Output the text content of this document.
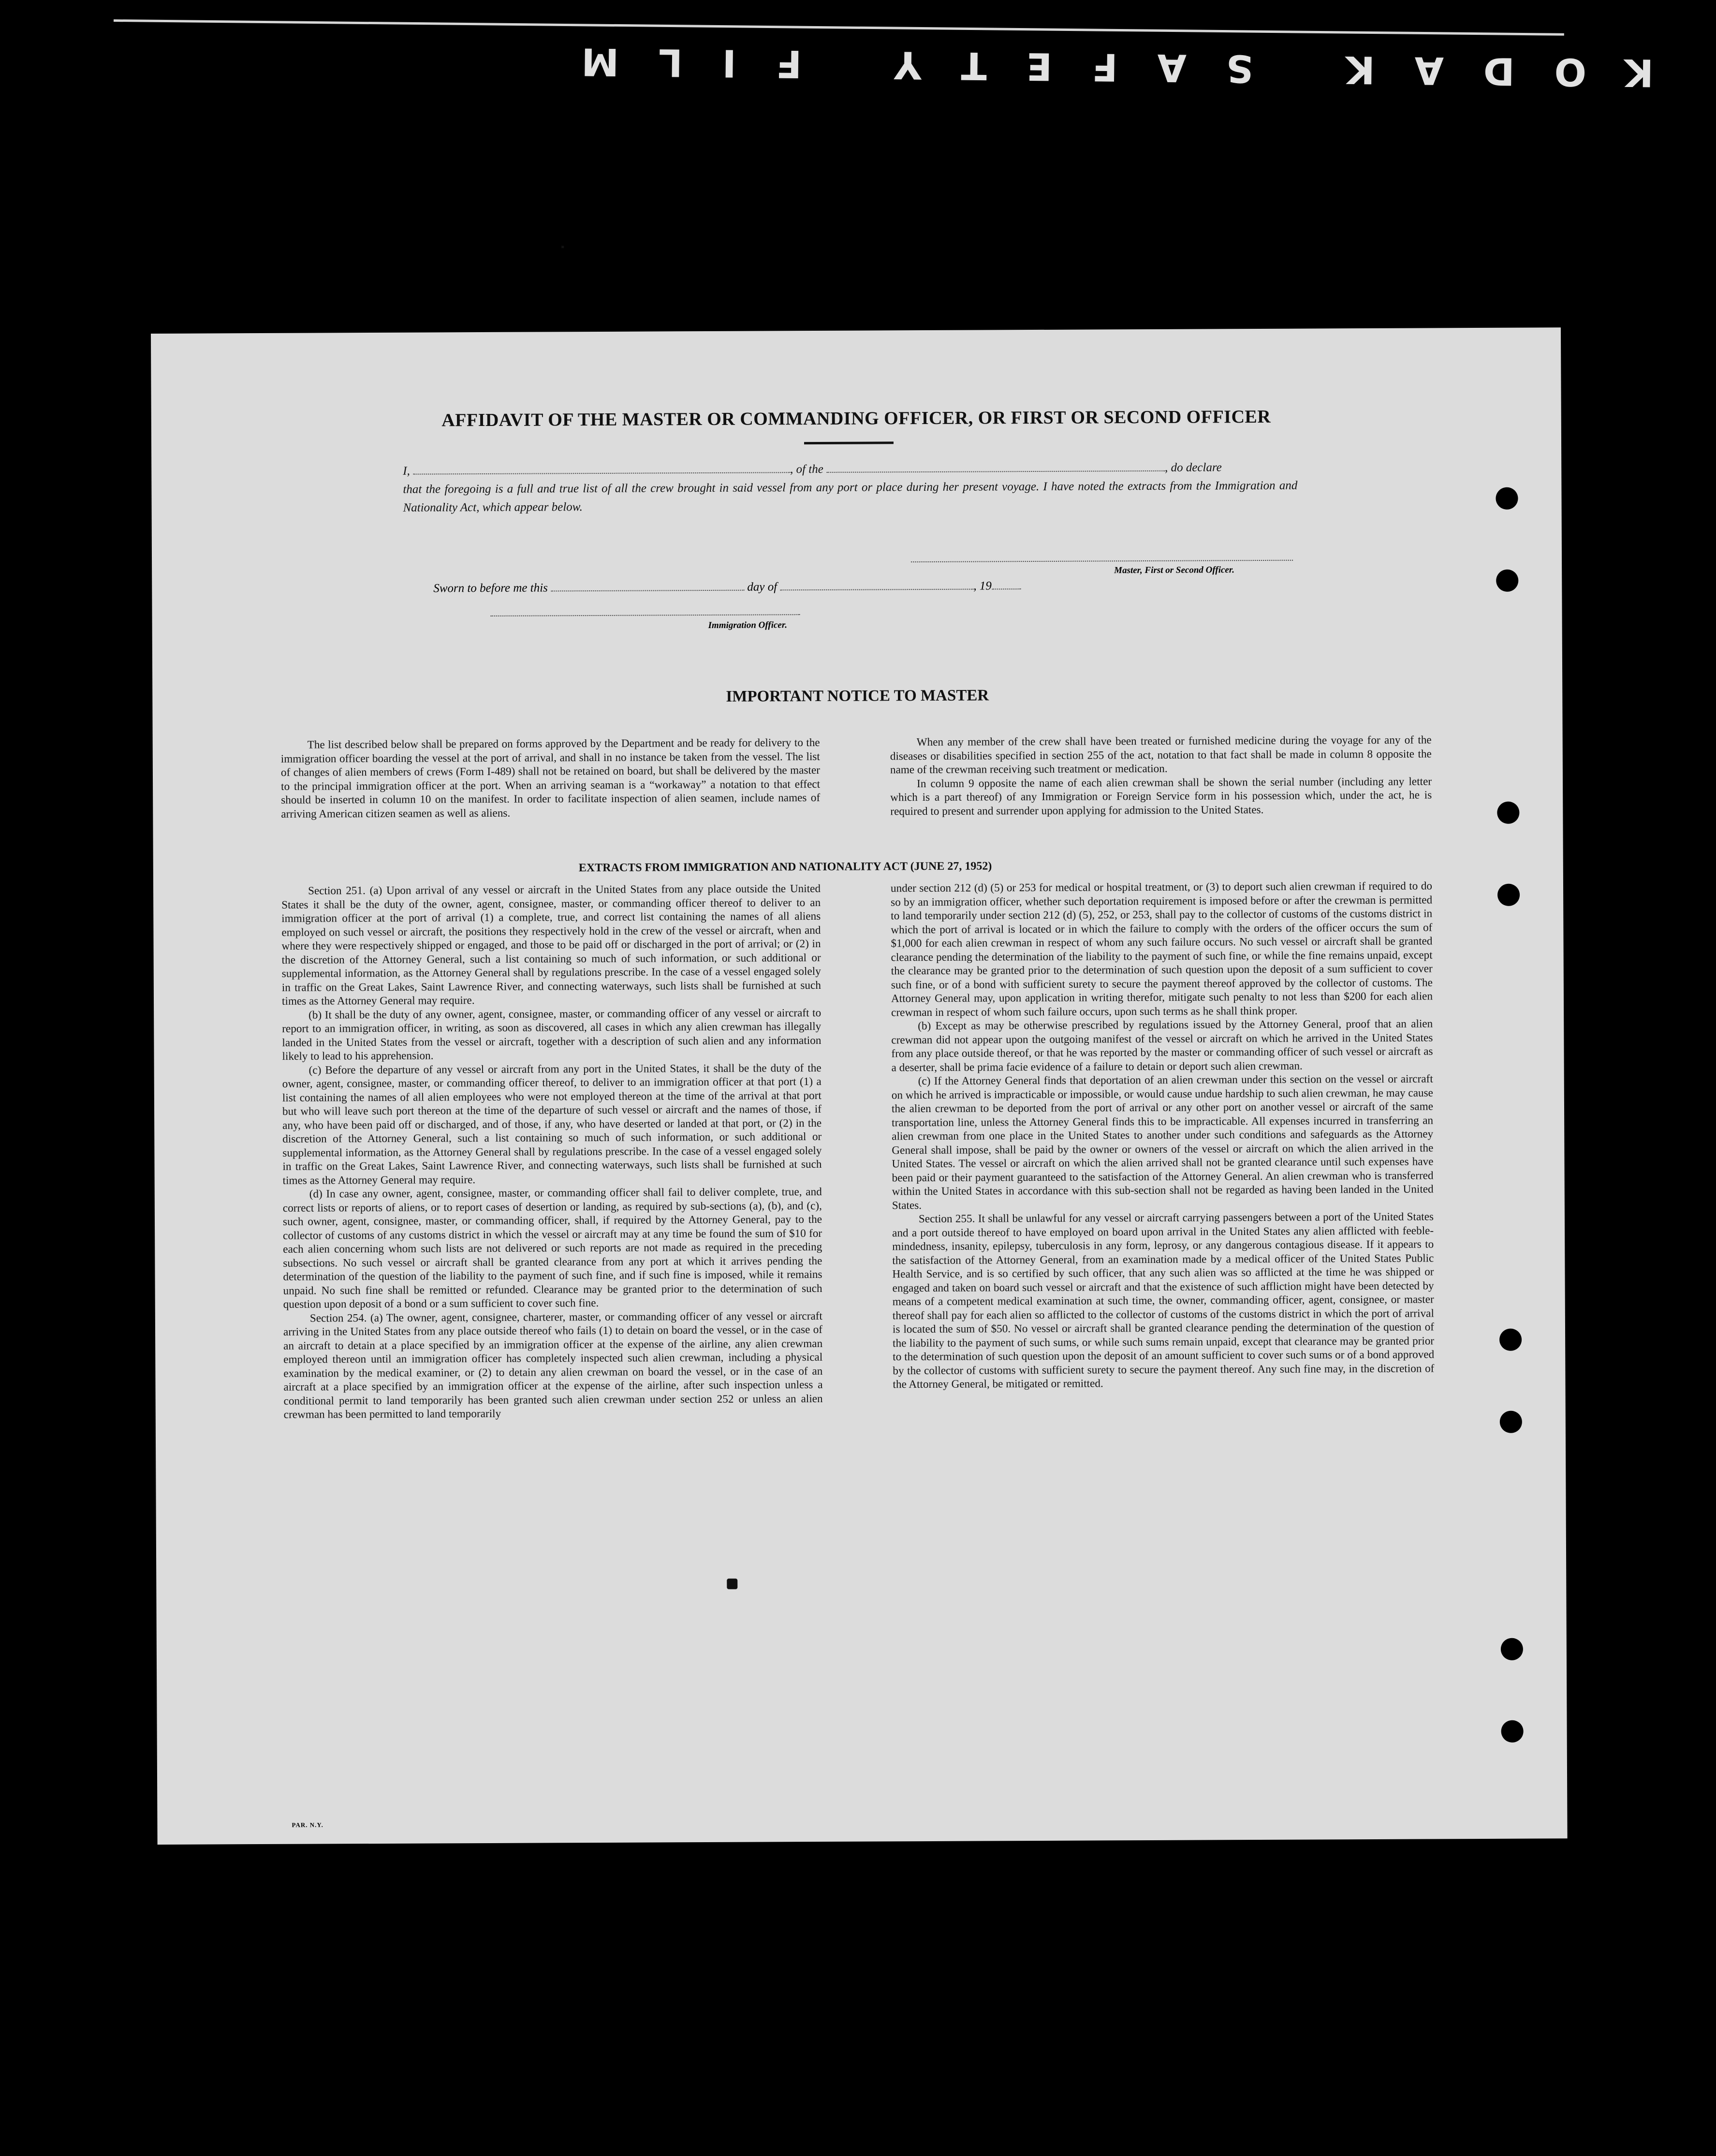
KODAK SAFETY FILM
AFFIDAVIT OF THE MASTER OR COMMANDING OFFICER, OR FIRST OR SECOND OFFICER
I,	, of the	, do declare
that the foregoing is a full and true list of all the crew brought in said vessel from any port or place during her present voyage. I have noted the extracts from the Immigration and Nationality Act, which appear below.
Master, First or Second Officer.
Sworn to before me this	day of	, 19
Immigration Officer.
IMPORTANT NOTICE TO MASTER

The list described below shall be prepared on forms approved by the Department and be ready for delivery to the immigration officer boarding the vessel at the port of arrival, and shall in no instance be taken from the vessel. The list of changes of alien members of crews (Form I-489) shall not be retained on board, but shall be delivered by the master to the principal immigration officer at the port. When an arriving seaman is a “workaway” a notation to that effect should be inserted in column 10 on the manifest. In order to facilitate inspection of alien seamen, include names of arriving American citizen seamen as well as aliens.

When any member of the crew shall have been treated or furnished medicine during the voyage for any of the diseases or disabilities specified in section 255 of the act, notation to that fact shall be made in column 8 opposite the name of the crewman receiving such treatment or medication.

In column 9 opposite the name of each alien crewman shall be shown the serial number (including any letter which is a part thereof) of any Immigration or Foreign Service form in his possession which, under the act, he is required to present and surrender upon applying for admission to the United States.

EXTRACTS FROM IMMIGRATION AND NATIONALITY ACT (JUNE 27, 1952)

Section 251. (a) Upon arrival of any vessel or aircraft in the United States from any place outside the United States it shall be the duty of the owner, agent, consignee, master, or commanding officer thereof to deliver to an immigration officer at the port of arrival (1) a complete, true, and correct list containing the names of all aliens employed on such vessel or aircraft, the positions they respectively hold in the crew of the vessel or aircraft, when and where they were respectively shipped or engaged, and those to be paid off or discharged in the port of arrival; or (2) in the discretion of the Attorney General, such a list containing so much of such information, or such additional or supplemental information, as the Attorney General shall by regulations prescribe. In the case of a vessel engaged solely in traffic on the Great Lakes, Saint Lawrence River, and connecting waterways, such lists shall be furnished at such times as the Attorney General may require.

(b) It shall be the duty of any owner, agent, consignee, master, or commanding officer of any vessel or aircraft to report to an immigration officer, in writing, as soon as discovered, all cases in which any alien crewman has illegally landed in the United States from the vessel or aircraft, together with a description of such alien and any information likely to lead to his apprehension.

(c) Before the departure of any vessel or aircraft from any port in the United States, it shall be the duty of the owner, agent, consignee, master, or commanding officer thereof, to deliver to an immigration officer at that port (1) a list containing the names of all alien employees who were not employed thereon at the time of the arrival at that port but who will leave such port thereon at the time of the departure of such vessel or aircraft and the names of those, if any, who have been paid off or discharged, and of those, if any, who have deserted or landed at that port, or (2) in the discretion of the Attorney General, such a list containing so much of such information, or such additional or supplemental information, as the Attorney General shall by regulations prescribe. In the case of a vessel engaged solely in traffic on the Great Lakes, Saint Lawrence River, and connecting waterways, such lists shall be furnished at such times as the Attorney General may require.

(d) In case any owner, agent, consignee, master, or commanding officer shall fail to deliver complete, true, and correct lists or reports of aliens, or to report cases of desertion or landing, as required by sub-sections (a), (b), and (c), such owner, agent, consignee, master, or commanding officer, shall, if required by the Attorney General, pay to the collector of customs of any customs district in which the vessel or aircraft may at any time be found the sum of $10 for each alien concerning whom such lists are not delivered or such reports are not made as required in the preceding subsections. No such vessel or aircraft shall be granted clearance from any port at which it arrives pending the determination of the question of the liability to the payment of such fine, and if such fine is imposed, while it remains unpaid. No such fine shall be remitted or refunded. Clearance may be granted prior to the determination of such question upon deposit of a bond or a sum sufficient to cover such fine.

Section 254. (a) The owner, agent, consignee, charterer, master, or commanding officer of any vessel or aircraft arriving in the United States from any place outside thereof who fails (1) to detain on board the vessel, or in the case of an aircraft to detain at a place specified by an immigration officer at the expense of the airline, any alien crewman employed thereon until an immigration officer has completely inspected such alien crewman, including a physical examination by the medical examiner, or (2) to detain any alien crewman on board the vessel, or in the case of an aircraft at a place specified by an immigration officer at the expense of the airline, after such inspection unless a conditional permit to land temporarily has been granted such alien crewman under section 252 or unless an alien crewman has been permitted to land temporarily

under section 212 (d) (5) or 253 for medical or hospital treatment, or (3) to deport such alien crewman if required to do so by an immigration officer, whether such deportation requirement is imposed before or after the crewman is permitted to land temporarily under section 212 (d) (5), 252, or 253, shall pay to the collector of customs of the customs district in which the port of arrival is located or in which the failure to comply with the orders of the officer occurs the sum of $1,000 for each alien crewman in respect of whom any such failure occurs. No such vessel or aircraft shall be granted clearance pending the determination of the liability to the payment of such fine, or while the fine remains unpaid, except the clearance may be granted prior to the determination of such question upon the deposit of a sum sufficient to cover such fine, or of a bond with sufficient surety to secure the payment thereof approved by the collector of customs. The Attorney General may, upon application in writing therefor, mitigate such penalty to not less than $200 for each alien crewman in respect of whom such failure occurs, upon such terms as he shall think proper.

(b) Except as may be otherwise prescribed by regulations issued by the Attorney General, proof that an alien crewman did not appear upon the outgoing manifest of the vessel or aircraft on which he arrived in the United States from any place outside thereof, or that he was reported by the master or commanding officer of such vessel or aircraft as a deserter, shall be prima facie evidence of a failure to detain or deport such alien crewman.

(c) If the Attorney General finds that deportation of an alien crewman under this section on the vessel or aircraft on which he arrived is impracticable or impossible, or would cause undue hardship to such alien crewman, he may cause the alien crewman to be deported from the port of arrival or any other port on another vessel or aircraft of the same transportation line, unless the Attorney General finds this to be impracticable. All expenses incurred in transferring an alien crewman from one place in the United States to another under such conditions and safeguards as the Attorney General shall impose, shall be paid by the owner or owners of the vessel or aircraft on which the alien arrived in the United States. The vessel or aircraft on which the alien arrived shall not be granted clearance until such expenses have been paid or their payment guaranteed to the satisfaction of the Attorney General. An alien crewman who is transferred within the United States in accordance with this sub-section shall not be regarded as having been landed in the United States.

Section 255. It shall be unlawful for any vessel or aircraft carrying passengers between a port of the United States and a port outside thereof to have employed on board upon arrival in the United States any alien afflicted with feeble-mindedness, insanity, epilepsy, tuberculosis in any form, leprosy, or any dangerous contagious disease. If it appears to the satisfaction of the Attorney General, from an examination made by a medical officer of the United States Public Health Service, and is so certified by such officer, that any such alien was so afflicted at the time he was shipped or engaged and taken on board such vessel or aircraft and that the existence of such affliction might have been detected by means of a competent medical examination at such time, the owner, commanding officer, agent, consignee, or master thereof shall pay for each alien so afflicted to the collector of customs of the customs district in which the port of arrival is located the sum of $50. No vessel or aircraft shall be granted clearance pending the determination of the question of the liability to the payment of such sums, or while such sums remain unpaid, except that clearance may be granted prior to the determination of such question upon the deposit of an amount sufficient to cover such sums or of a bond approved by the collector of customs with sufficient surety to secure the payment thereof. Any such fine may, in the discretion of the Attorney General, be mitigated or remitted.

PAR. N.Y.
